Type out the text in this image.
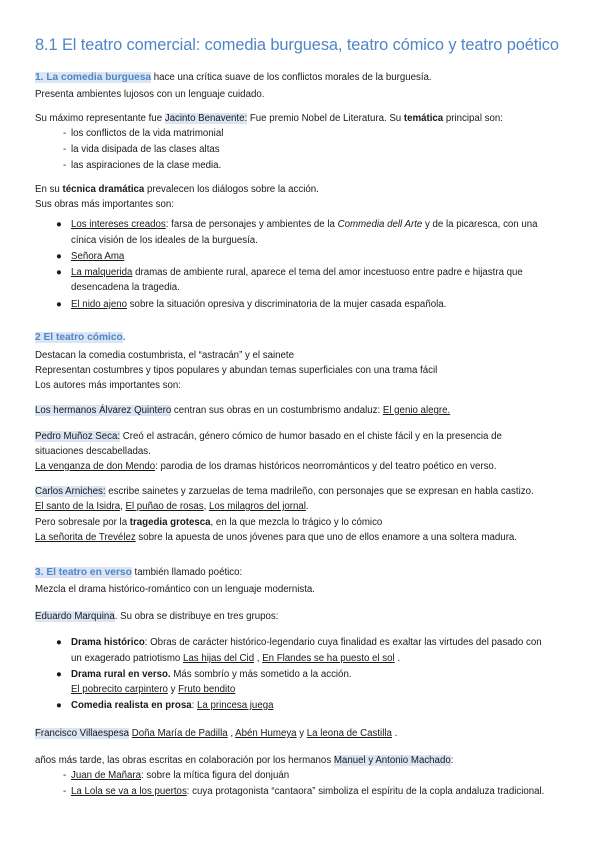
8.1 El teatro comercial: comedia burguesa, teatro cómico y teatro poético
1. La comedia burguesa hace una crítica suave de los conflictos morales de la burguesía.
Presenta ambientes lujosos con un lenguaje cuidado.
Su máximo representante fue Jacinto Benavente: Fue premio Nobel de Literatura. Su temática principal son:
- los conflictos de la vida matrimonial
- la vida disipada de las clases altas
- las aspiraciones de la clase media.
En su técnica dramática prevalecen los diálogos sobre la acción.
Sus obras más importantes son:
● Los intereses creados: farsa de personajes y ambientes de la Commedia dell Arte y de la picaresca, con una
cínica visión de los ideales de la burguesía.
● Señora Ama
● La malquerida dramas de ambiente rural, aparece el tema del amor incestuoso entre padre e hijastra que
desencadena la tragedia.
● El nido ajeno sobre la situación opresiva y discriminatoria de la mujer casada española.
2 El teatro cómico.
Destacan la comedia costumbrista, el “astracán” y el sainete
Representan costumbres y tipos populares y abundan temas superficiales con una trama fácil
Los autores más importantes son:
Los hermanos Álvarez Quintero centran sus obras en un costumbrismo andaluz: El genio alegre.
Pedro Muñoz Seca: Creó el astracán, género cómico de humor basado en el chiste fácil y en la presencia de
situaciones descabelladas.
La venganza de don Mendo: parodia de los dramas históricos neorrománticos y del teatro poético en verso.
Carlos Arniches: escribe sainetes y zarzuelas de tema madrileño, con personajes que se expresan en habla castizo.
El santo de la Isidra, El puñao de rosas, Los milagros del jornal.
Pero sobresale por la tragedia grotesca, en la que mezcla lo trágico y lo cómico
La señorita de Trevélez sobre la apuesta de unos jóvenes para que uno de ellos enamore a una soltera madura.
3. El teatro en verso también llamado poético:
Mezcla el drama histórico-romántico con un lenguaje modernista.
Eduardo Marquina. Su obra se distribuye en tres grupos:
● Drama histórico: Obras de carácter histórico-legendario cuya finalidad es exaltar las virtudes del pasado con
un exagerado patriotismo Las hijas del Cid , En Flandes se ha puesto el sol .
● Drama rural en verso. Más sombrío y más sometido a la acción.
El pobrecito carpintero y Fruto bendito
● Comedia realista en prosa: La princesa juega
Francisco Villaespesa Doña María de Padilla , Abén Humeya y La leona de Castilla .
años más tarde, las obras escritas en colaboración por los hermanos Manuel y Antonio Machado:
- Juan de Mañara: sobre la mítica figura del donjuán
- La Lola se va a los puertos: cuya protagonista “cantaora” simboliza el espíritu de la copla andaluza tradicional.
